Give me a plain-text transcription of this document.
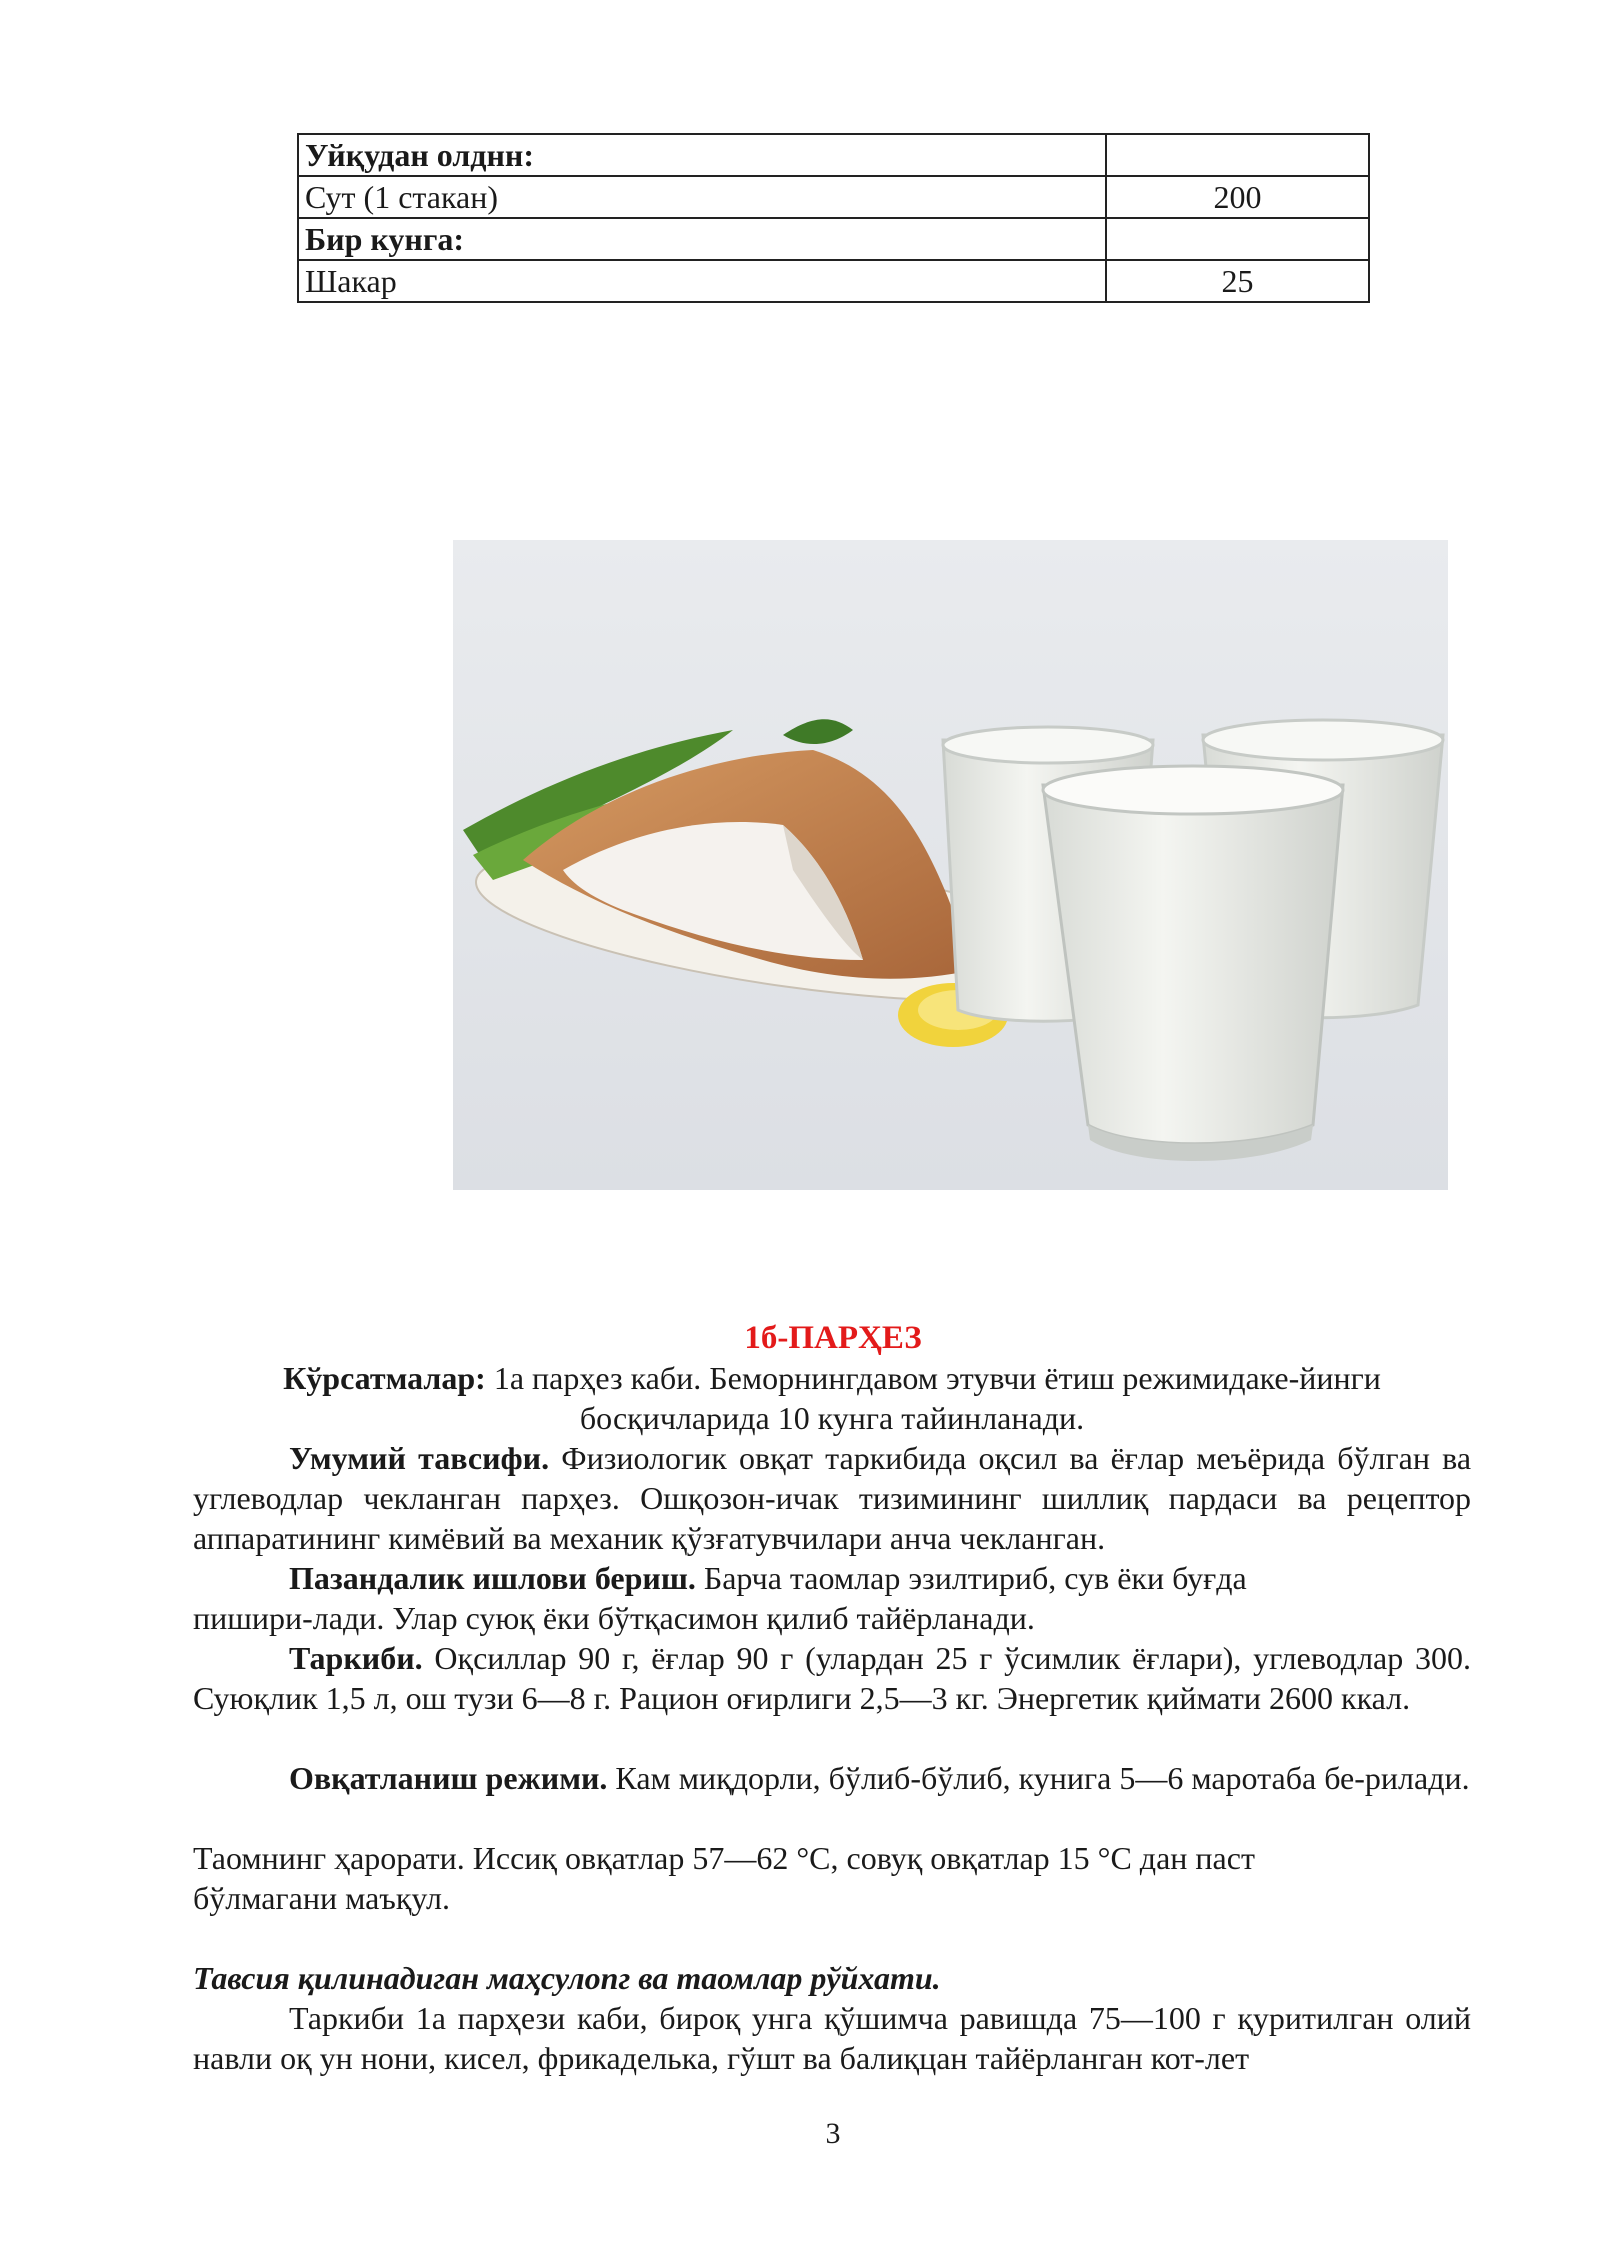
Уйқудан олднн:	
Сут (1 стакан)	200
Бир кунга:	
Шакар	25
1б-ПАРҲЕЗ
Кўрсатмалар: 1а парҳез каби. Беморнингдавом этувчи ётиш режимидаке-йинги
босқичларида 10 кунга тайинланади.
Умумий тавсифи. Физиологик овқат таркибида оқсил ва ёғлар меъёрида бўлган ва углеводлар чекланган парҳез. Ошқозон-ичак тизимининг шиллиқ пардаси ва рецептор аппаратининг кимёвий ва механик қўзғатувчилари анча чекланган.
Пазандалик ишлови бериш. Барча таомлар эзилтириб, сув ёки буғда
пишири-лади. Улар суюқ ёки бўтқасимон қилиб тайёрланади.
Таркиби. Оқсиллар 90 г, ёғлар 90 г (улардан 25 г ўсимлик ёғлари), углеводлар 300. Суюқлик 1,5 л, ош тузи 6—8 г. Рацион оғирлиги 2,5—3 кг. Энергетик қиймати 2600 ккал.
Овқатланиш режими. Кам миқдорли, бўлиб-бўлиб, кунига 5—6 маротаба бе-рилади.
Таомнинг ҳарорати. Иссиқ овқатлар 57—62 °С, совуқ овқатлар 15 °С дан паст
бўлмагани маъқул.
Тавсия қилинадиган маҳсулопг ва таомлар рўйхати.
Таркиби 1а парҳези каби, бироқ унга қўшимча равишда 75—100 г қуритилган олий навли оқ ун нони, кисел, фрикаделька, гўшт ва балиқцан тайёрланган кот-лет
3
